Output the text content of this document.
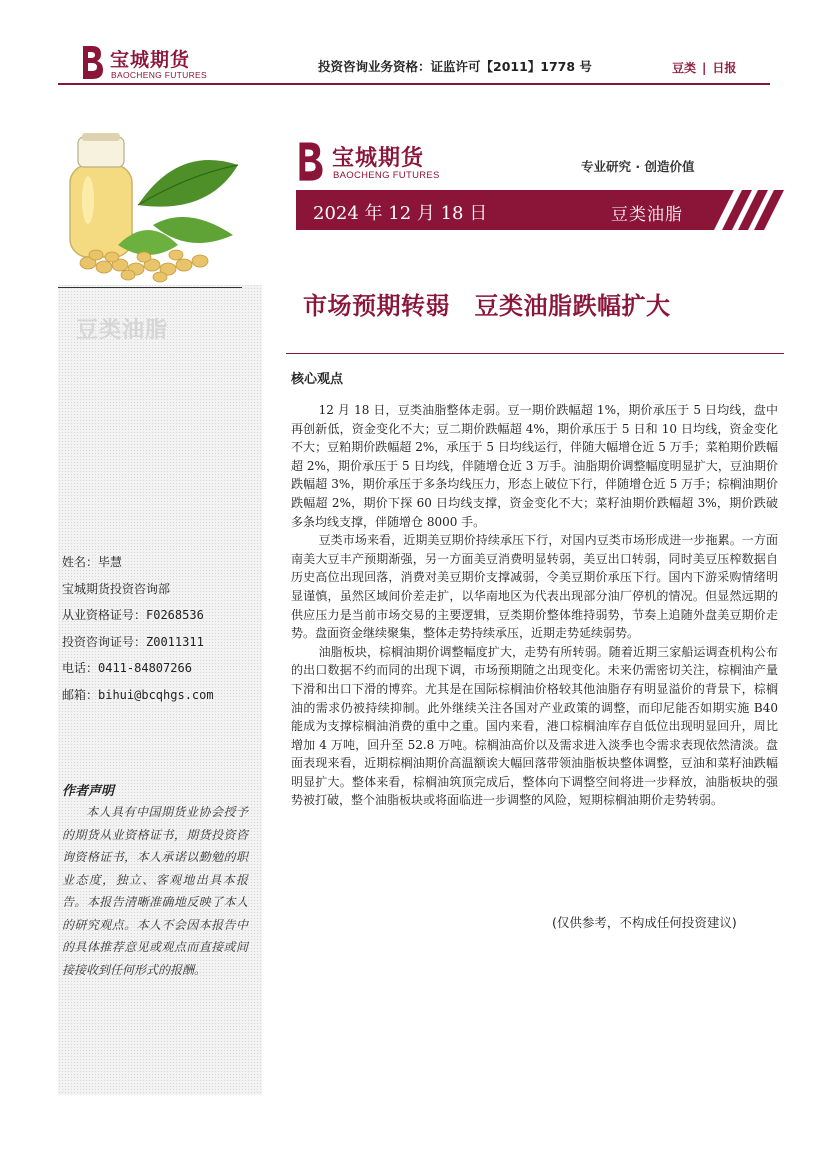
宝城期货
BAOCHENG FUTURES
投资咨询业务资格：证监许可【2011】1778 号	豆类 | 日报
豆类油脂
姓名：毕慧
宝城期货投资咨询部
从业资格证号：F0268536
投资咨询证号：Z0011311
电话：0411-84807266
邮箱：bihui@bcqhgs.com
作者声明
本人具有中国期货业协会授予的期货从业资格证书，期货投资咨询资格证书，本人承诺以勤勉的职业态度，独立、客观地出具本报告。本报告清晰准确地反映了本人的研究观点。本人不会因本报告中的具体推荐意见或观点而直接或间接接收到任何形式的报酬。
宝城期货
BAOCHENG FUTURES
专业研究 · 创造价值
2024 年 12 月 18 日	豆类油脂
市场预期转弱　豆类油脂跌幅扩大
核心观点

12 月 18 日，豆类油脂整体走弱。豆一期价跌幅超 1%，期价承压于 5 日均线，盘中再创新低，资金变化不大；豆二期价跌幅超 4%，期价承压于 5 日和 10 日均线，资金变化不大；豆粕期价跌幅超 2%，承压于 5 日均线运行，伴随大幅增仓近 5 万手；菜粕期价跌幅超 2%，期价承压于 5 日均线，伴随增仓近 3 万手。油脂期价调整幅度明显扩大，豆油期价跌幅超 3%，期价承压于多条均线压力，形态上破位下行，伴随增仓近 5 万手；棕榈油期价跌幅超 2%，期价下探 60 日均线支撑，资金变化不大；菜籽油期价跌幅超 3%，期价跌破多条均线支撑，伴随增仓 8000 手。

豆类市场来看，近期美豆期价持续承压下行，对国内豆类市场形成进一步拖累。一方面南美大豆丰产预期渐强，另一方面美豆消费明显转弱，美豆出口转弱，同时美豆压榨数据自历史高位出现回落，消费对美豆期价支撑减弱，令美豆期价承压下行。国内下游采购情绪明显谨慎，虽然区域间价差走扩，以华南地区为代表出现部分油厂停机的情况。但显然远期的供应压力是当前市场交易的主要逻辑，豆类期价整体维持弱势，节奏上追随外盘美豆期价走势。盘面资金继续聚集，整体走势持续承压，近期走势延续弱势。

油脂板块，棕榈油期价调整幅度扩大，走势有所转弱。随着近期三家船运调查机构公布的出口数据不约而同的出现下调，市场预期随之出现变化。未来仍需密切关注，棕榈油产量下滑和出口下滑的博弈。尤其是在国际棕榈油价格较其他油脂存有明显溢价的背景下，棕榈油的需求仍被持续抑制。此外继续关注各国对产业政策的调整，而印尼能否如期实施 B40 能成为支撑棕榈油消费的重中之重。国内来看，港口棕榈油库存自低位出现明显回升，周比增加 4 万吨，回升至 52.8 万吨。棕榈油高价以及需求进入淡季也令需求表现依然清淡。盘面表现来看，近期棕榈油期价高温额诶大幅回落带领油脂板块整体调整，豆油和菜籽油跌幅明显扩大。整体来看，棕榈油筑顶完成后，整体向下调整空间将进一步释放，油脂板块的强势被打破，整个油脂板块或将面临进一步调整的风险，短期棕榈油期价走势转弱。

(仅供参考，不构成任何投资建议)
